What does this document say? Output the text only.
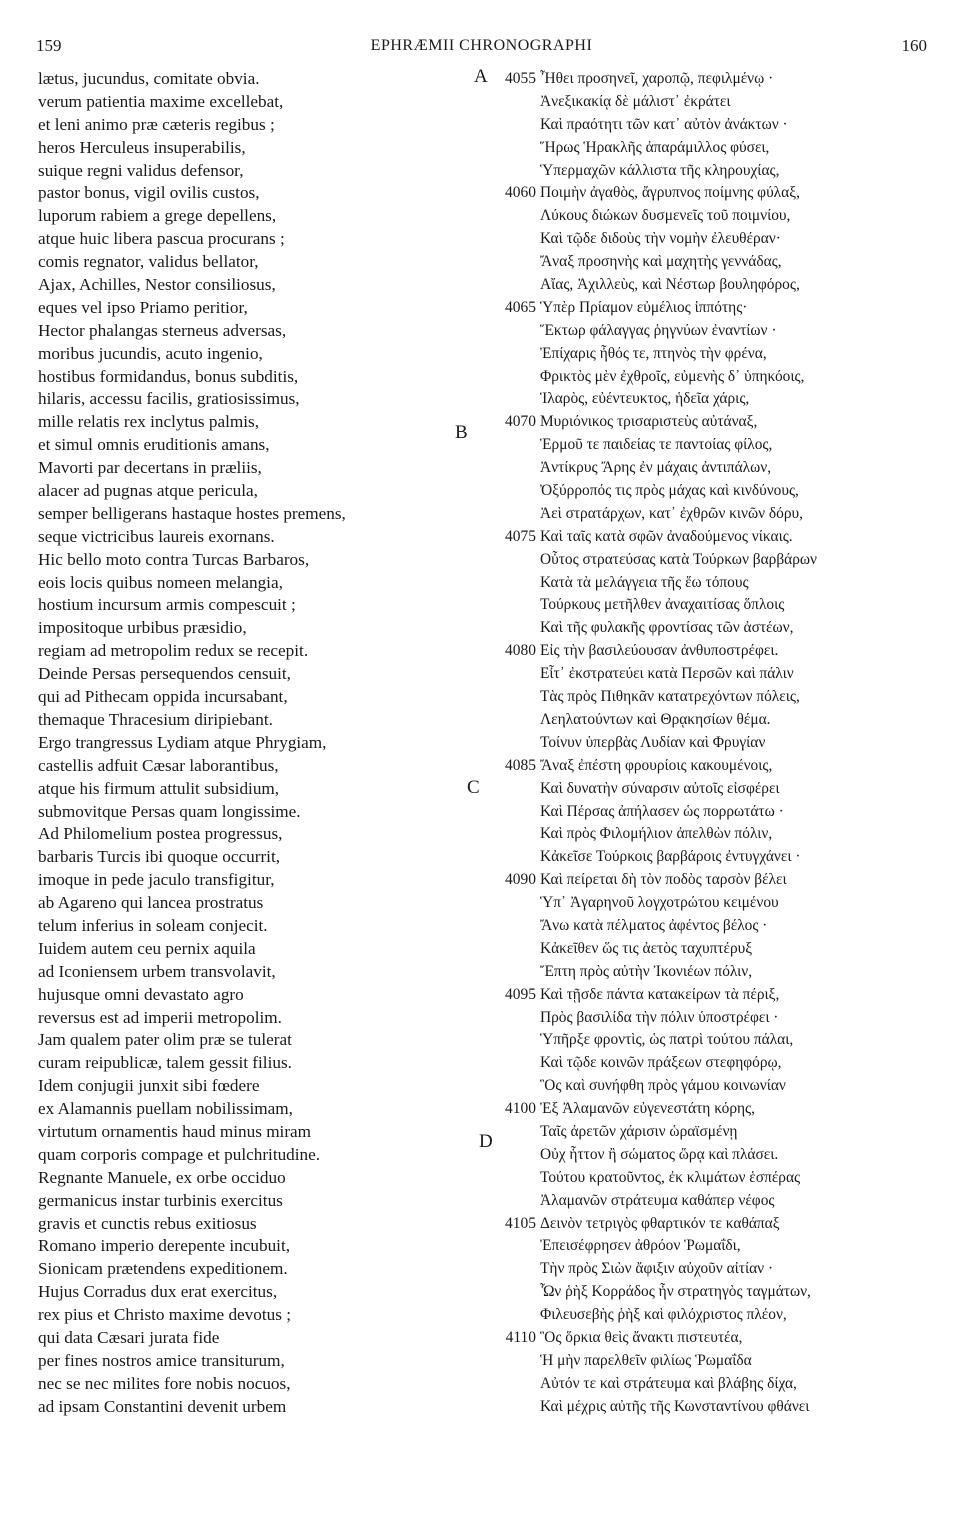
159	EPHRÆMII CHRONOGRAPHI	160
lætus, jucundus, comitate obvia.
verum patientia maxime excellebat,
et leni animo præ cæteris regibus ;
heros Herculeus insuperabilis,
suique regni validus defensor,
pastor bonus, vigil ovilis custos,
luporum rabiem a grege depellens,
atque huic libera pascua procurans ;
comis regnator, validus bellator,
Ajax, Achilles, Nestor consiliosus,
eques vel ipso Priamo peritior,
Hector phalangas sterneus adversas,
moribus jucundis, acuto ingenio,
hostibus formidandus, bonus subditis,
hilaris, accessu facilis, gratiosissimus,
mille relatis rex inclytus palmis,
et simul omnis eruditionis amans,
Mavorti par decertans in præliis,
alacer ad pugnas atque pericula,
semper belligerans hastaque hostes premens,
seque victricibus laureis exornans.
Hic bello moto contra Turcas Barbaros,
eois locis quibus nomeen melangia,
hostium incursum armis compescuit ;
impositoque urbibus præsidio,
regiam ad metropolim redux se recepit.
Deinde Persas persequendos censuit,
qui ad Pithecam oppida incursabant,
themaque Thracesium diripiebant.
Ergo trangressus Lydiam atque Phrygiam,
castellis adfuit Cæsar laborantibus,
atque his firmum attulit subsidium,
submovitque Persas quam longissime.
Ad Philomelium postea progressus,
barbaris Turcis ibi quoque occurrit,
imoque in pede jaculo transfigitur,
ab Agareno qui lancea prostratus
telum inferius in soleam conjecit.
Iuidem autem ceu pernix aquila
ad Iconiensem urbem transvolavit,
hujusque omni devastato agro
reversus est ad imperii metropolim.
Jam qualem pater olim præ se tulerat
curam reipublicæ, talem gessit filius.
Idem conjugii junxit sibi fœdere
ex Alamannis puellam nobilissimam,
virtutum ornamentis haud minus miram
quam corporis compage et pulchritudine.
Regnante Manuele, ex orbe occiduo
germanicus instar turbinis exercitus
gravis et cunctis rebus exitiosus
Romano imperio derepente incubuit,
Sionicam prætendens expeditionem.
Hujus Corradus dux erat exercitus,
rex pius et Christo maxime devotus ;
qui data Cæsari jurata fide
per fines nostros amice transiturum,
nec se nec milites fore nobis nocuos,
ad ipsam Constantini devenit urbem
4055 Ἦθει προσηνεῖ, χαροπῷ, πεφιλμένῳ ·
Ἀνεξικακίᾳ δὲ μάλιστ᾽ ἐκράτει
Καὶ πραότητι τῶν κατ᾽ αὐτὸν ἀνάκτων ·
Ἥρως Ἡρακλῆς ἀπαράμιλλος φύσει,
Ὑπερμαχῶν κάλλιστα τῆς κληρουχίας,
4060 Ποιμὴν ἀγαθὸς, ἄγρυπνος ποίμνης φύλαξ,
Λύκους διώκων δυσμενεῖς τοῦ ποιμνίου,
Καὶ τῷδε διδοὺς τὴν νομὴν ἐλευθέραν·
Ἄναξ προσηνὴς καὶ μαχητὴς γεννάδας,
Αἴας, Ἀχιλλεὺς, καὶ Νέστωρ βουληφόρος,
4065 Ὑπὲρ Πρίαμον εὐμέλιος ἱππότης·
Ἕκτωρ φάλαγγας ῥηγνύων ἐναντίων ·
Ἐπίχαρις ἦθός τε, πτηνὸς τὴν φρένα,
Φρικτὸς μὲν ἐχθροῖς, εὐμενὴς δ᾽ ὑπηκόοις,
Ἱλαρὸς, εὐέντευκτος, ἡδεῖα χάρις,
4070 Μυριόνικος τρισαριστεὺς αὐτάναξ,
Ἑρμοῦ τε παιδείας τε παντοίας φίλος,
Ἀντίκρυς Ἄρης ἐν μάχαις ἀντιπάλων,
Ὀξύρροπός τις πρὸς μάχας καὶ κινδύνους,
Ἀεὶ στρατάρχων, κατ᾽ ἐχθρῶν κινῶν δόρυ,
4075 Καὶ ταῖς κατὰ σφῶν ἀναδούμενος νίκαις.
Οὗτος στρατεύσας κατὰ Τούρκων βαρβάρων
Κατὰ τὰ μελάγγεια τῆς ἕω τόπους
Τούρκους μετῆλθεν ἀναχαιτίσας ὅπλοις
Καὶ τῆς φυλακῆς φροντίσας τῶν ἀστέων,
4080 Εἰς τὴν βασιλεύουσαν ἀνθυποστρέφει.
Εἶτ᾽ ἐκστρατεύει κατὰ Περσῶν καὶ πάλιν
Τὰς πρὸς Πιθηκᾶν κατατρεχόντων πόλεις,
Λεηλατούντων καὶ Θρᾳκησίων θέμα.
Τοίνυν ὑπερβὰς Λυδίαν καὶ Φρυγίαν
4085 Ἄναξ ἐπέστη φρουρίοις κακουμένοις,
Καὶ δυνατὴν σύναρσιν αὐτοῖς εἰσφέρει
Καὶ Πέρσας ἀπήλασεν ὡς πορρωτάτω ·
Καὶ πρὸς Φιλομήλιον ἀπελθὼν πόλιν,
Κἀκεῖσε Τούρκοις βαρβάροις ἐντυγχάνει ·
4090 Καὶ πείρεται δὴ τὸν ποδὸς ταρσὸν βέλει
Ὑπ᾽ Ἀγαρηνοῦ λογχοτρώτου κειμένου
Ἄνω κατὰ πέλματος ἀφέντος βέλος ·
Κἀκεῖθεν ὥς τις ἀετὸς ταχυπτέρυξ
Ἔπτη πρὸς αὐτὴν Ἰκονιέων πόλιν,
4095 Καὶ τῇσδε πάντα κατακείρων τὰ πέριξ,
Πρὸς βασιλίδα τὴν πόλιν ὑποστρέφει ·
Ὑπῆρξε φροντὶς, ὡς πατρὶ τούτου πάλαι,
Καὶ τῷδε κοινῶν πράξεων στεφηφόρῳ,
Ὃς καὶ συνήφθη πρὸς γάμου κοινωνίαν
4100 Ἐξ Ἀλαμανῶν εὐγενεστάτη κόρης,
Ταῖς ἀρετῶν χάρισιν ὡραϊσμένῃ
Οὐχ ἧττον ἢ σώματος ὥρᾳ καὶ πλάσει.
Τούτου κρατοῦντος, ἐκ κλιμάτων ἑσπέρας
Ἀλαμανῶν στράτευμα καθάπερ νέφος
4105 Δεινὸν τετριγὸς φθαρτικόν τε καθάπαξ
Ἐπεισέφρησεν ἀθρόον Ῥωμαΐδι,
Τὴν πρὸς Σιὼν ἄφιξιν αὐχοῦν αἰτίαν ·
Ὧν ῥὴξ Κορράδος ἦν στρατηγὸς ταγμάτων,
Φιλευσεβὴς ῥὴξ καὶ φιλόχριστος πλέον,
4110 Ὃς ὅρκια θεὶς ἄνακτι πιστευτέα,
Ἡ μὴν παρελθεῖν φιλίως Ῥωμαΐδα
Αὐτόν τε καὶ στράτευμα καὶ βλάβης δίχα,
Καὶ μέχρις αὐτῆς τῆς Κωνσταντίνου φθάνει
A
B
C
D
